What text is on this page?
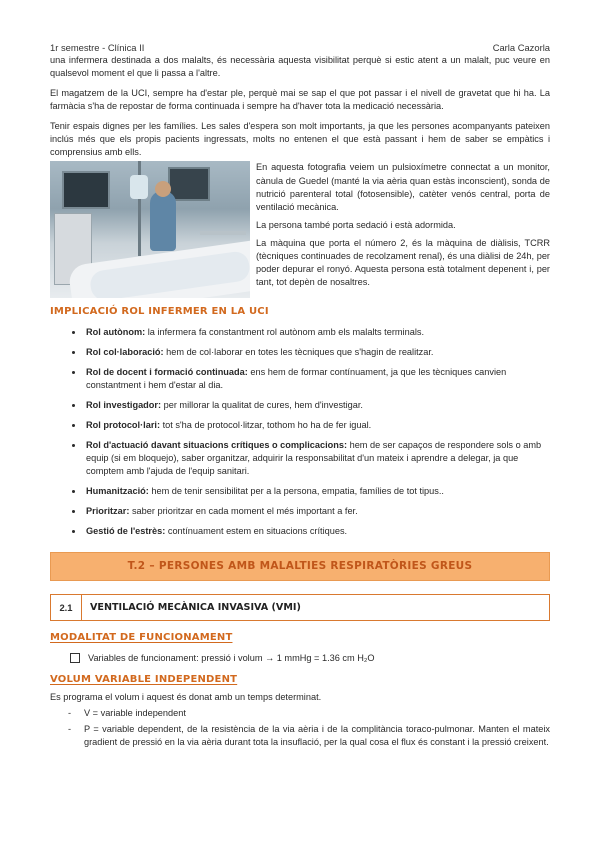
1r semestre - Clínica II	Carla Cazorla

una infermera destinada a dos malalts, és necessària aquesta visibilitat perquè si estic atent a un malalt, puc veure en qualsevol moment el que li passa a l'altre.

El magatzem de la UCI, sempre ha d'estar ple, perquè mai se sap el que pot passar i el nivell de gravetat que hi ha. La farmàcia s'ha de repostar de forma continuada i sempre ha d'haver tota la medicació necessària.

Tenir espais dignes per les famílies. Les sales d'espera son molt importants, ja que les persones acompanyants pateixen inclús més que els propis pacients ingressats, molts no entenen el que està passant i hem de saber se empàtics i comprensius amb ells.

En aquesta fotografia veiem un pulsioxímetre connectat a un monitor, cànula de Guedel (manté la via aèria quan estàs inconscient), sonda de nutrició parenteral total (fotosensible), catèter venós central, porta de ventilació mecànica.

La persona també porta sedació i està adormida.

La màquina que porta el número 2, és la màquina de diàlisis, TCRR (tècniques continuades de recolzament renal), és una diàlisi de 24h, per poder depurar el ronyó. Aquesta persona està totalment depenent i, per tant, tot depèn de nosaltres.

IMPLICACIÓ ROL INFERMER EN LA UCI
• Rol autònom: la infermera fa constantment rol autònom amb els malalts terminals.
• Rol col·laboració: hem de col·laborar en totes les tècniques que s'hagin de realitzar.
• Rol de docent i formació continuada: ens hem de formar contínuament, ja que les tècniques canvien constantment i hem d'estar al dia.
• Rol investigador: per millorar la qualitat de cures, hem d'investigar.
• Rol protocol·lari: tot s'ha de protocol·litzar, tothom ho ha de fer igual.
• Rol d'actuació davant situacions crítiques o complicacions: hem de ser capaços de respondere sols o amb equip (si em bloquejo), saber organitzar, adquirir la responsabilitat d'un mateix i aprendre a delegar, ja que comptem amb l'ajuda de l'equip sanitari.
• Humanització: hem de tenir sensibilitat per a la persona, empatia, famílies de tot tipus..
• Prioritzar: saber prioritzar en cada moment el més important a fer.
• Gestió de l'estrès: contínuament estem en situacions crítiques.
T.2 – PERSONES AMB MALALTIES RESPIRATÒRIES GREUS
2.1	VENTILACIÓ MECÀNICA INVASIVA (VMI)
MODALITAT DE FUNCIONAMENT
Variables de funcionament: pressió i volum → 1 mmHg = 1.36 cm H₂O
VOLUM VARIABLE INDEPENDENT

Es programa el volum i aquest és donat amb un temps determinat.

- V = variable independent
- P = variable dependent, de la resistència de la via aèria i de la complitància toraco-pulmonar. Manten el mateix gradient de pressió en la via aèria durant tota la insuflació, per la qual cosa el flux és constant i la pressió creixent.
